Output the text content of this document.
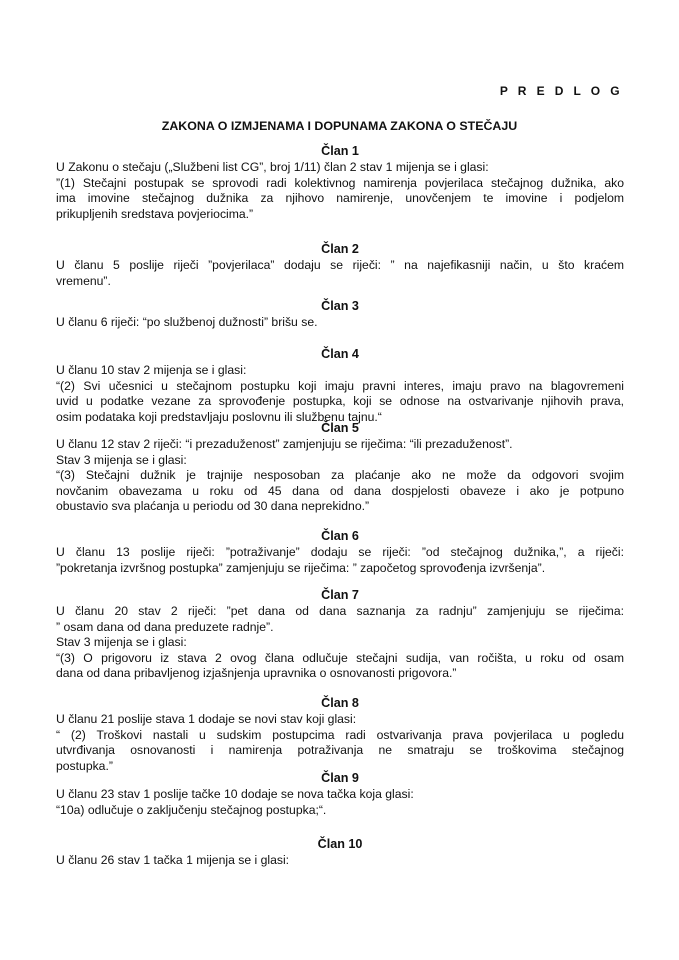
P R E D L O G
ZAKONA O IZMJENAMA I DOPUNAMA ZAKONA O STEČAJU
Član 1
U Zakonu o stečaju („Službeni list CG”, broj 1/11) član 2 stav 1 mijenja se i glasi:
”(1) Stečajni postupak se sprovodi radi kolektivnog namirenja povjerilaca stečajnog dužnika, ako
ima imovine stečajnog dužnika za njihovo namirenje, unovčenjem te imovine i podjelom
prikupljenih sredstava povjeriocima.”
Član 2
U članu 5 poslije riječi ”povjerilaca” dodaju se riječi: ” na najefikasniji način, u što kraćem
vremenu”.
Član 3
U članu 6 riječi: “po službenoj dužnosti” brišu se.
Član 4
U članu 10 stav 2 mijenja se i glasi:
“(2) Svi učesnici u stečajnom postupku koji imaju pravni interes, imaju pravo na blagovremeni
uvid u podatke vezane za sprovođenje postupka, koji se odnose na ostvarivanje njihovih prava,
osim podataka koji predstavljaju poslovnu ili službenu tajnu.“
Član 5
U članu 12 stav 2 riječi: “i prezaduženost” zamjenjuju se riječima: “ili prezaduženost”.
Stav 3 mijenja se i glasi:
“(3) Stečajni dužnik je trajnije nesposoban za plaćanje ako ne može da odgovori svojim
novčanim obavezama u roku od 45 dana od dana dospjelosti obaveze i ako je potpuno
obustavio sva plaćanja u periodu od 30 dana neprekidno.”
Član 6
U članu 13 poslije riječi: ”potraživanje” dodaju se riječi: ”od stečajnog dužnika,”, a riječi:
”pokretanja izvršnog postupka” zamjenjuju se riječima: ” započetog sprovođenja izvršenja”.
Član 7
U članu 20 stav 2 riječi: ”pet dana od dana saznanja za radnju” zamjenjuju se riječima:
” osam dana od dana preduzete radnje”.
Stav 3 mijenja se i glasi:
“(3) O prigovoru iz stava 2 ovog člana odlučuje stečajni sudija, van ročišta, u roku od osam
dana od dana pribavljenog izjašnjenja upravnika o osnovanosti prigovora.”
Član 8
U članu 21 poslije stava 1 dodaje se novi stav koji glasi:
“ (2) Troškovi nastali u sudskim postupcima radi ostvarivanja prava povjerilaca u pogledu
utvrđivanja osnovanosti i namirenja potraživanja ne smatraju se troškovima stečajnog
postupka.”
Član 9
U članu 23 stav 1 poslije tačke 10 dodaje se nova tačka koja glasi:
“10a) odlučuje o zaključenju stečajnog postupka;“.
Član 10
U članu 26 stav 1 tačka 1 mijenja se i glasi:
